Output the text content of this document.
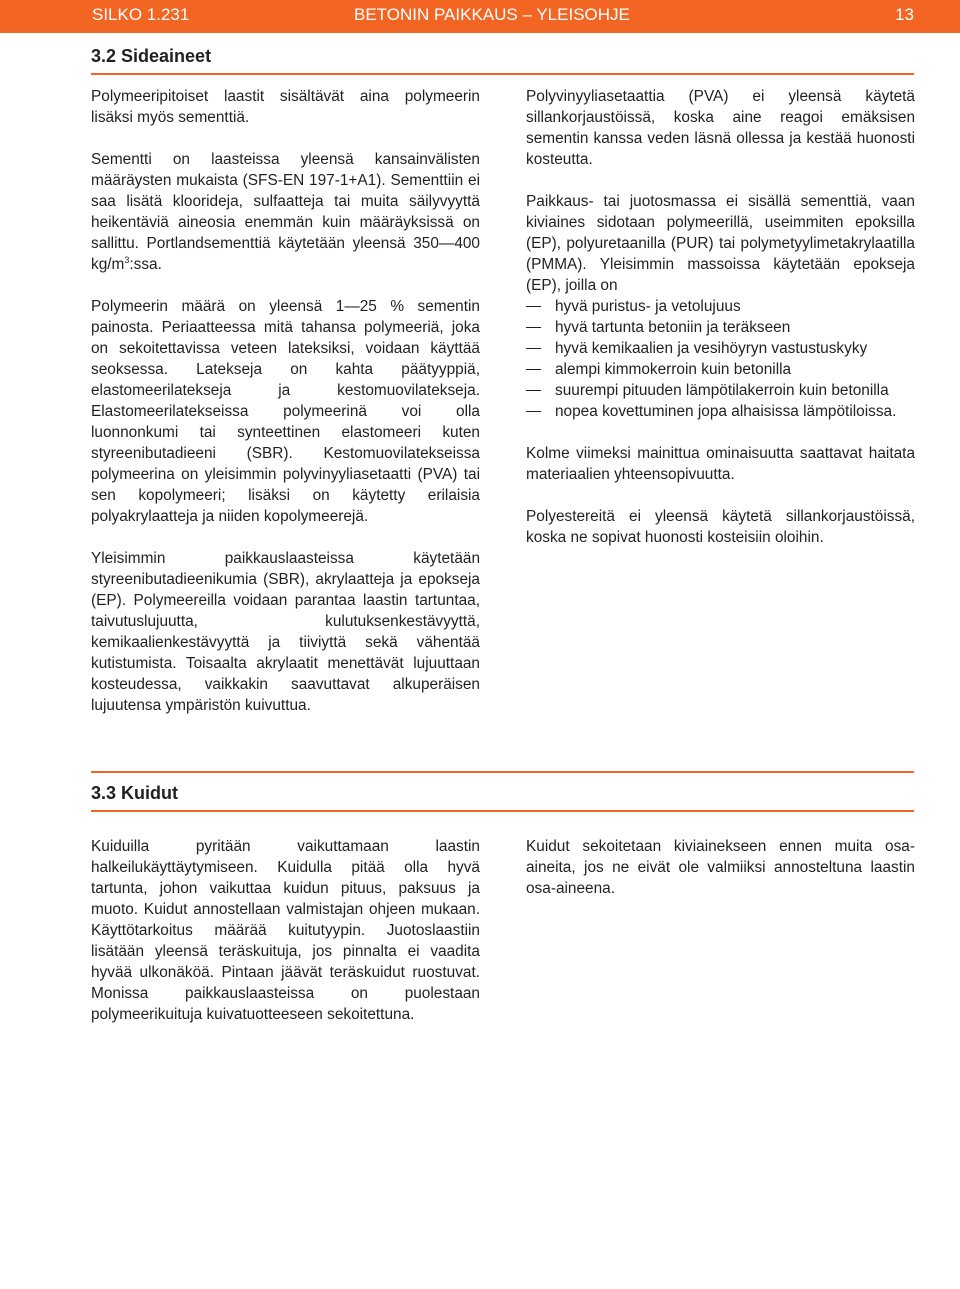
SILKO 1.231	BETONIN PAIKKAUS – YLEISOHJE	13
3.2 Sideaineet

Polymeeripitoiset laastit sisältävät aina polymeerin lisäksi myös sementtiä.

Sementti on laasteissa yleensä kansainvälisten määräysten mukaista (SFS-EN 197-1+A1). Sementtiin ei saa lisätä kloorideja, sulfaatteja tai muita säilyvyyttä heikentäviä aineosia enemmän kuin määräyksissä on sallittu. Portlandsementtiä käytetään yleensä 350—400 $kg/m^3:ssa$.

Polymeerin määrä on yleensä 1—25 % sementin painosta. Periaatteessa mitä tahansa polymeeriä, joka on sekoitettavissa veteen lateksiksi, voidaan käyttää seoksessa. Latekseja on kahta päätyyppiä, elastomeerilatekseja ja kestomuovilatekseja. Elastomeerilatekseissa polymeerinä voi olla luonnonkumi tai synteettinen elastomeeri kuten styreenibutadieeni (SBR). Kestomuovilatekseissa polymeerina on yleisimmin polyvinyyliasetaatti (PVA) tai sen kopolymeeri; lisäksi on käytetty erilaisia polyakrylaatteja ja niiden kopolymeerejä.

Yleisimmin paikkauslaasteissa käytetään styreenibutadieenikumia (SBR), akrylaatteja ja epokseja (EP). Polymeereilla voidaan parantaa laastin tartuntaa, taivutuslujuutta, kulutuksenkestävyyttä, kemikaalienkestävyyttä ja tiiviyttä sekä vähentää kutistumista. Toisaalta akrylaatit menettävät lujuuttaan kosteudessa, vaikkakin saavuttavat alkuperäisen lujuutensa ympäristön kuivuttua.

Polyvinyyliasetaattia (PVA) ei yleensä käytetä sillankorjaustöissä, koska aine reagoi emäksisen sementin kanssa veden läsnä ollessa ja kestää huonosti kosteutta.

Paikkaus- tai juotosmassa ei sisällä sementtiä, vaan kiviaines sidotaan polymeerillä, useimmiten epoksilla (EP), polyuretaanilla (PUR) tai polymetyylimetakrylaatilla (PMMA). Yleisimmin massoissa käytetään epokseja (EP), joilla on

hyvä puristus- ja vetolujuus
hyvä tartunta betoniin ja teräkseen
hyvä kemikaalien ja vesihöyryn vastustuskyky
alempi kimmokerroin kuin betonilla
suurempi pituuden lämpötilakerroin kuin betonilla
nopea kovettuminen jopa alhaisissa lämpötiloissa.

Kolme viimeksi mainittua ominaisuutta saattavat haitata materiaalien yhteensopivuutta.

Polyestereitä ei yleensä käytetä sillankorjaustöissä, koska ne sopivat huonosti kosteisiin oloihin.

3.3 Kuidut

Kuiduilla pyritään vaikuttamaan laastin halkeilukäyttäytymiseen. Kuidulla pitää olla hyvä tartunta, johon vaikuttaa kuidun pituus, paksuus ja muoto. Kuidut annostellaan valmistajan ohjeen mukaan. Käyttötarkoitus määrää kuitutyypin. Juotoslaastiin lisätään yleensä teräskuituja, jos pinnalta ei vaadita hyvää ulkonäköä. Pintaan jäävät teräskuidut ruostuvat. Monissa paikkauslaasteissa on puolestaan polymeerikuituja kuivatuotteeseen sekoitettuna.

Kuidut sekoitetaan kiviainekseen ennen muita osa-aineita, jos ne eivät ole valmiiksi annosteltuna laastin osa-aineena.
